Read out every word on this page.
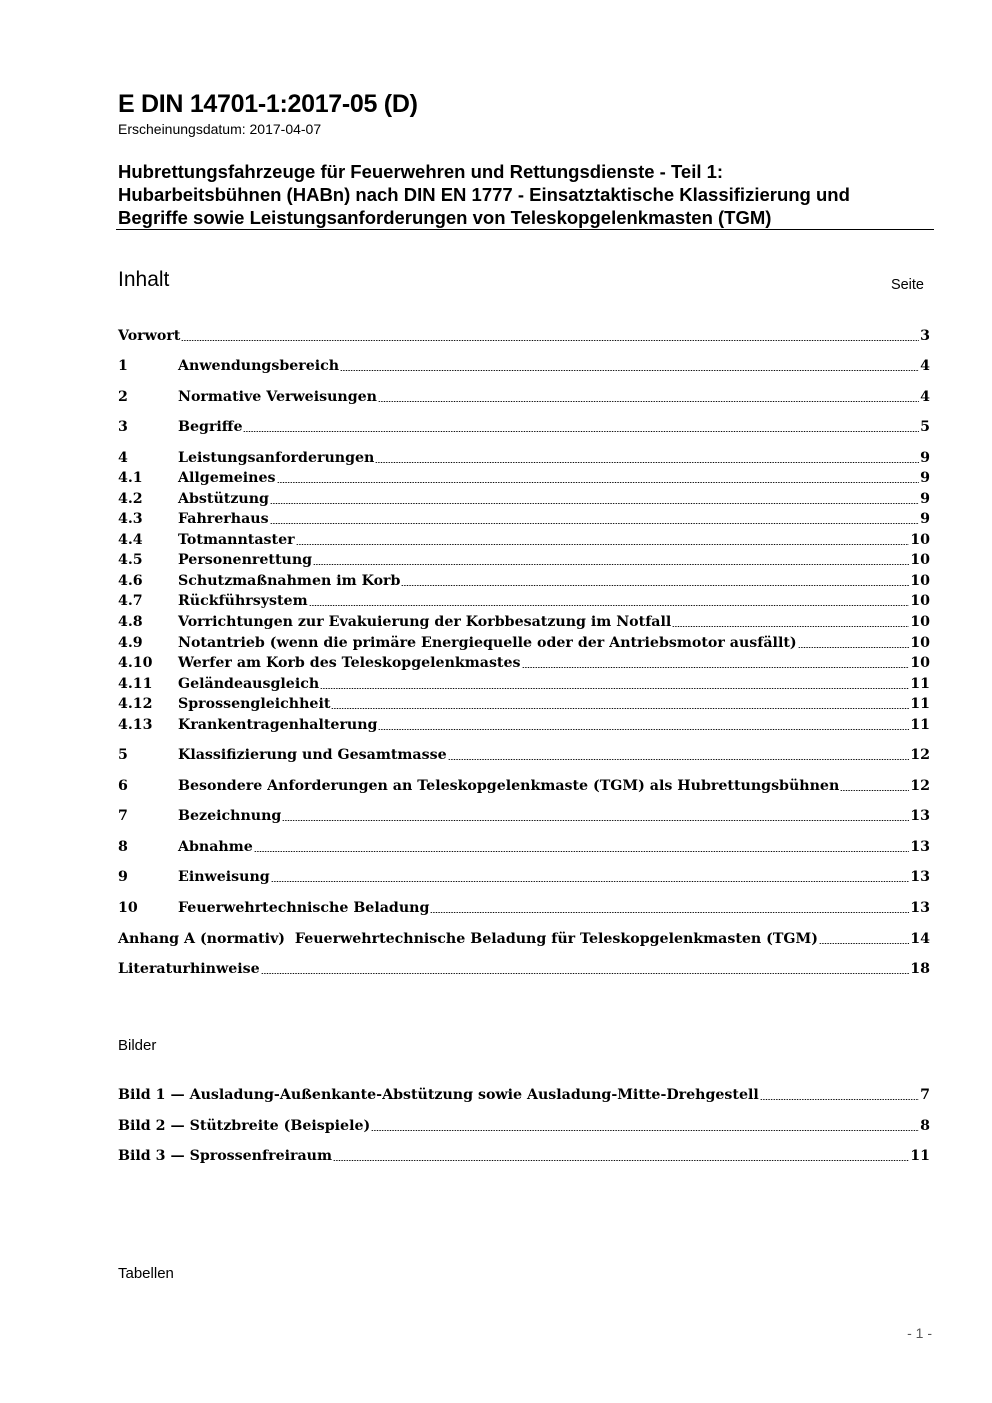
E DIN 14701-1:2017-05 (D)
Erscheinungsdatum: 2017-04-07
Hubrettungsfahrzeuge für Feuerwehren und Rettungsdienste - Teil 1:
Hubarbeitsbühnen (HABn) nach DIN EN 1777 - Einsatztaktische Klassifizierung und
Begriffe sowie Leistungsanforderungen von Teleskopgelenkmasten (TGM)
Inhalt	Seite
Vorwort	3
1	Anwendungsbereich	4
2	Normative Verweisungen	4
3	Begriffe	5
4	Leistungsanforderungen	9
4.1	Allgemeines	9
4.2	Abstützung	9
4.3	Fahrerhaus	9
4.4	Totmanntaster	10
4.5	Personenrettung	10
4.6	Schutzmaßnahmen im Korb	10
4.7	Rückführsystem	10
4.8	Vorrichtungen zur Evakuierung der Korbbesatzung im Notfall	10
4.9	Notantrieb (wenn die primäre Energiequelle oder der Antriebsmotor ausfällt)	10
4.10	Werfer am Korb des Teleskopgelenkmastes	10
4.11	Geländeausgleich	11
4.12	Sprossengleichheit	11
4.13	Krankentragenhalterung	11
5	Klassifizierung und Gesamtmasse	12
6	Besondere Anforderungen an Teleskopgelenkmaste (TGM) als Hubrettungsbühnen	12
7	Bezeichnung	13
8	Abnahme	13
9	Einweisung	13
10	Feuerwehrtechnische Beladung	13
Anhang A (normativ)  Feuerwehrtechnische Beladung für Teleskopgelenkmasten (TGM)	14
Literaturhinweise	18
Bilder
Bild 1 — Ausladung-Außenkante-Abstützung sowie Ausladung-Mitte-Drehgestell	7
Bild 2 — Stützbreite (Beispiele)	8
Bild 3 — Sprossenfreiraum	11
Tabellen
- 1 -
